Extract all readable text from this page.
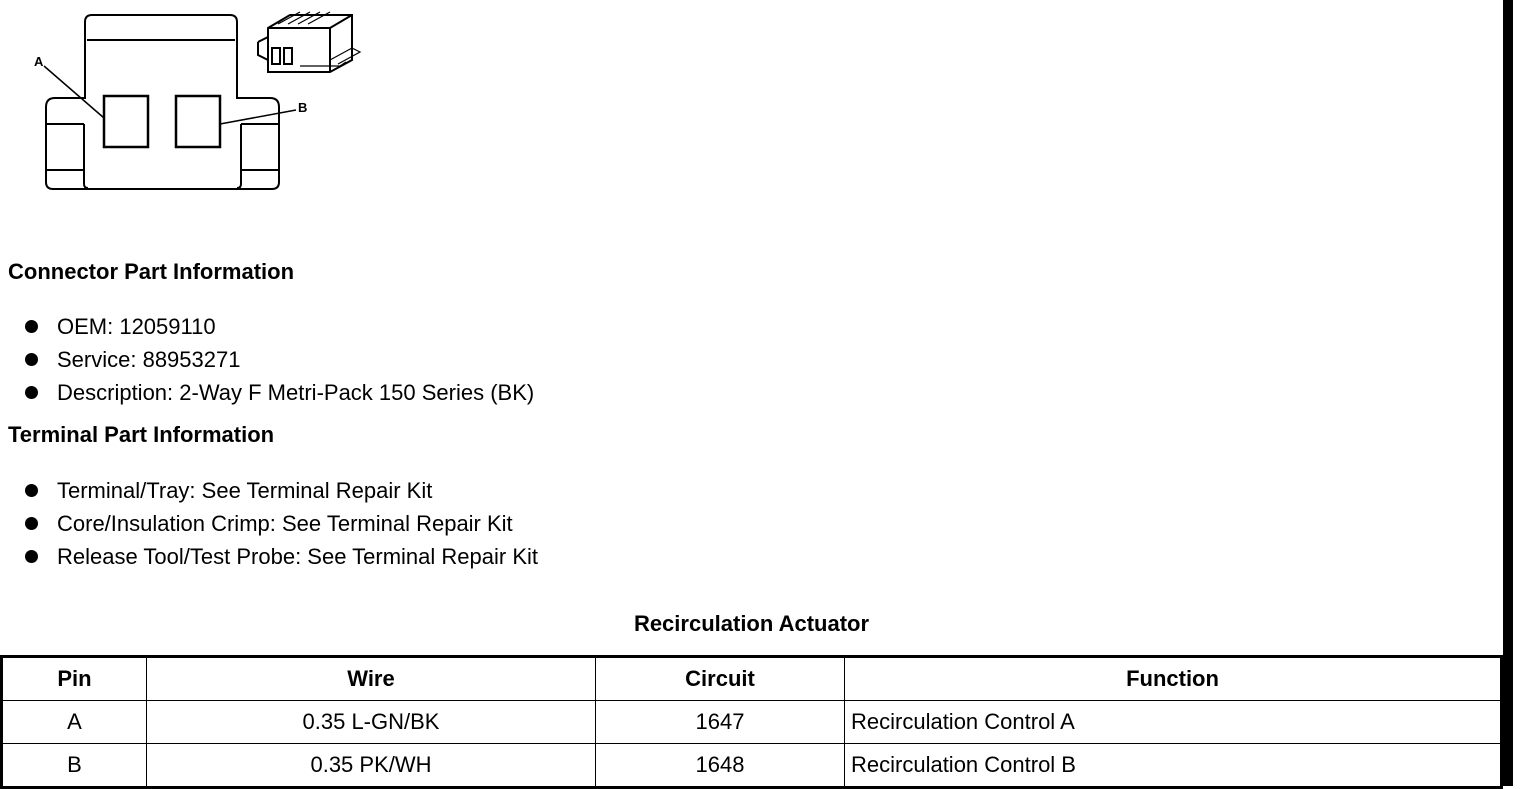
A
B
Connector Part Information
OEM: 12059110
Service: 88953271
Description: 2-Way F Metri-Pack 150 Series (BK)
Terminal Part Information
Terminal/Tray: See Terminal Repair Kit
Core/Insulation Crimp: See Terminal Repair Kit
Release Tool/Test Probe: See Terminal Repair Kit
Recirculation Actuator
Pin	Wire	Circuit	Function
A	0.35 L-GN/BK	1647	Recirculation Control A
B	0.35 PK/WH	1648	Recirculation Control B
